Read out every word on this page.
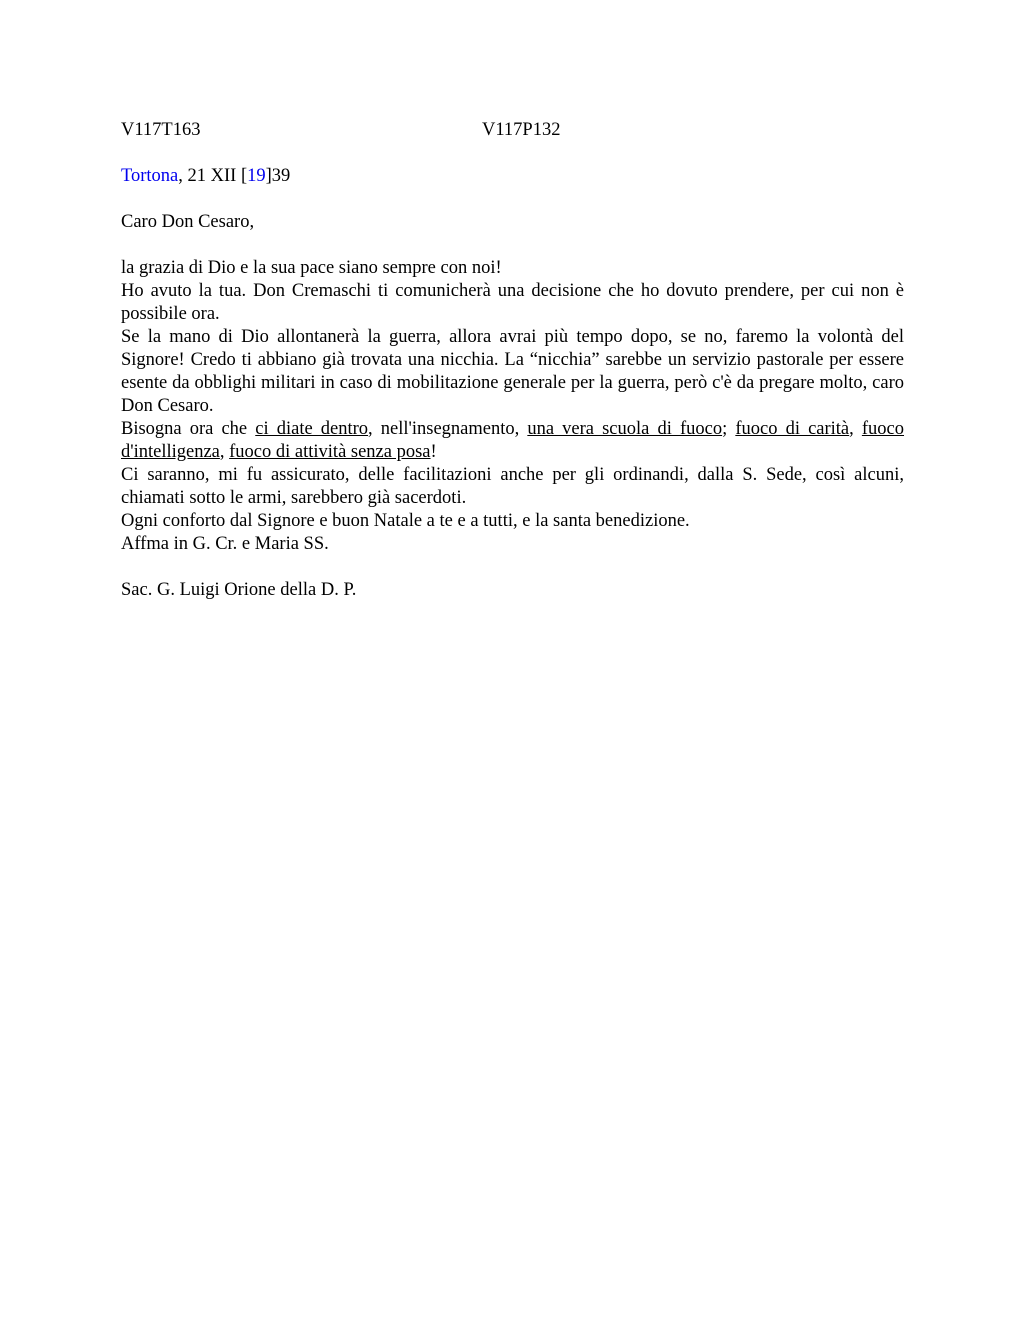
V117T163	V117P132
Tortona, 21 XII [19]39
Caro Don Cesaro,

la grazia di Dio e la sua pace siano sempre con noi!

Ho avuto la tua. Don Cremaschi ti comunicherà una decisione che ho dovuto prendere, per cui non è possibile ora.

Se la mano di Dio allontanerà la guerra, allora avrai più tempo dopo, se no, faremo la volontà del Signore! Credo ti abbiano già trovata una nicchia. La “nicchia” sarebbe un servizio pastorale per essere esente da obblighi militari in caso di mobilitazione generale per la guerra, però c'è da pregare molto, caro Don Cesaro.

Bisogna ora che ci diate dentro, nell'insegnamento, una vera scuola di fuoco; fuoco di carità, fuoco d'intelligenza, fuoco di attività senza posa!

Ci saranno, mi fu assicurato, delle facilitazioni anche per gli ordinandi, dalla S. Sede, così alcuni, chiamati sotto le armi, sarebbero già sacerdoti.

Ogni conforto dal Signore e buon Natale a te e a tutti, e la santa benedizione.

Affma in G. Cr. e Maria SS.

Sac. G. Luigi Orione della D. P.
